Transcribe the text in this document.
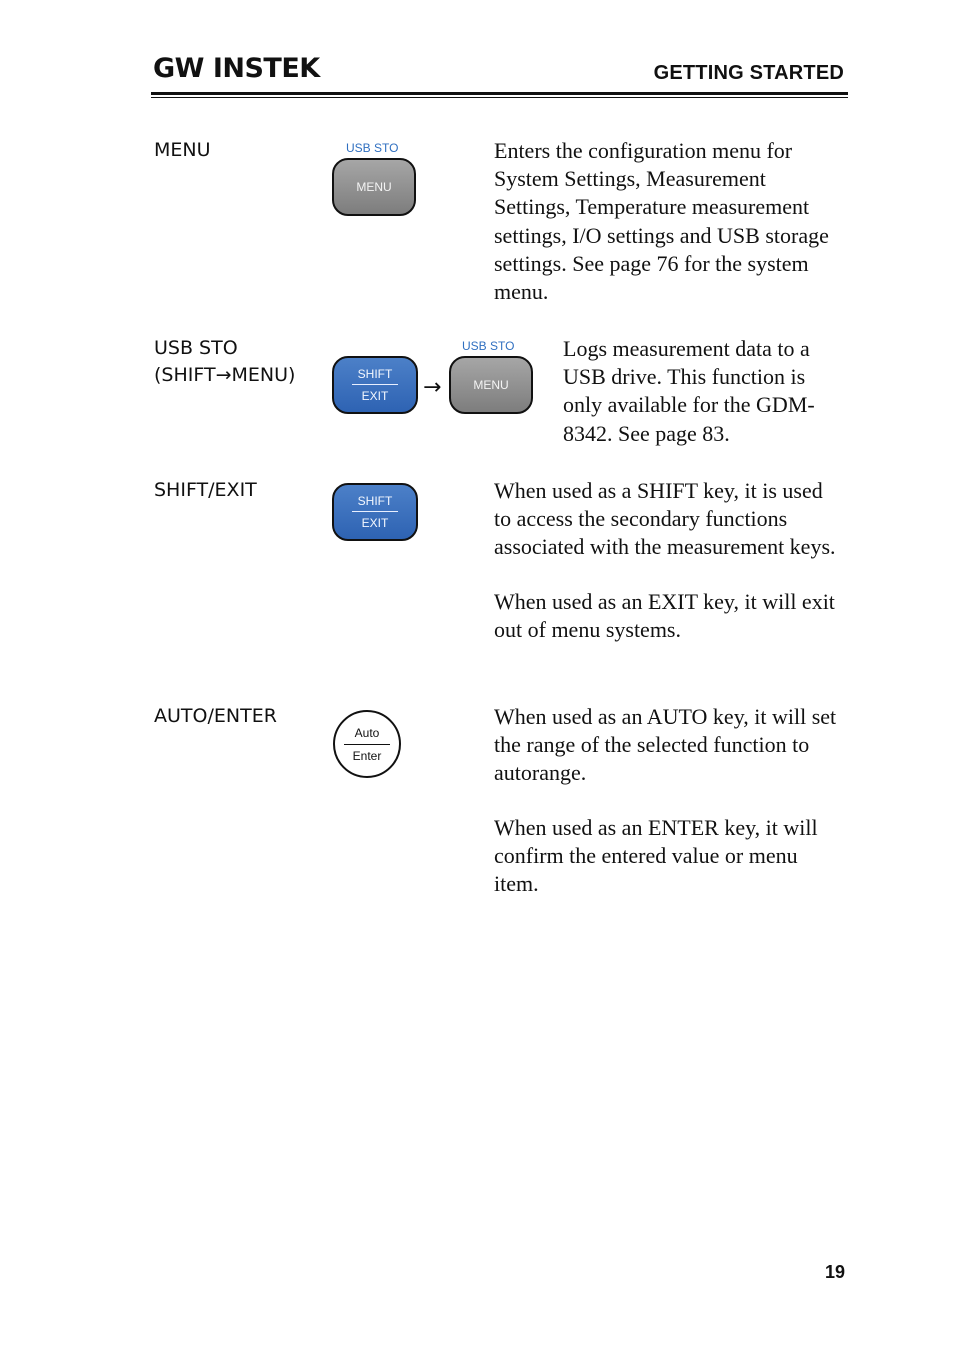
GW INSTEK	GETTING STARTED
MENU	USB STO
MENU

Enters the configuration menu for System Settings, Measurement Settings, Temperature measurement settings, I/O settings and USB storage settings. See page 76 for the system menu.

USB STO
(SHIFT→MENU)	SHIFT
EXIT →
USB STO
MENU

Logs measurement data to a USB drive. This function is only available for the GDM-8342. See page 83.

SHIFT/EXIT	SHIFT
EXIT

When used as a SHIFT key, it is used to access the secondary functions associated with the measurement keys.

When used as an EXIT key, it will exit out of menu systems.

AUTO/ENTER
Auto
Enter

When used as an AUTO key, it will set the range of the selected function to autorange.

When used as an ENTER key, it will confirm the entered value or menu item.

19
